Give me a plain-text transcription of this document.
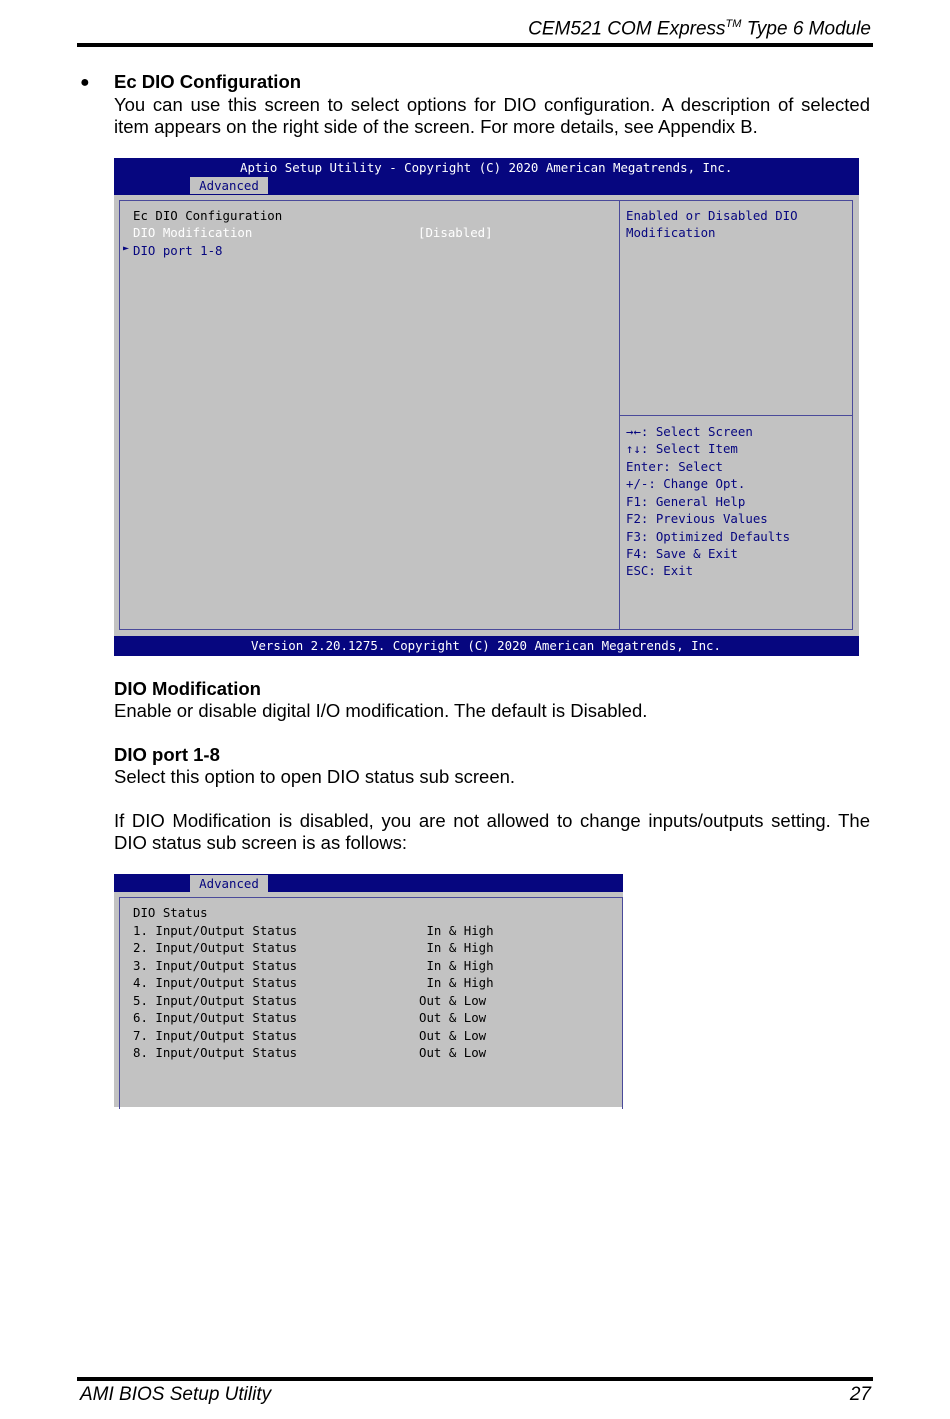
CEM521 COM Express™ Type 6 Module
● Ec DIO Configuration
You can use this screen to select options for DIO configuration. A description of selected item appears on the right side of the screen. For more details, see Appendix B.
Aptio Setup Utility - Copyright (C) 2020 American Megatrends, Inc.
Advanced
Ec DIO Configuration
DIO Modification	[Disabled]
► DIO port 1-8
Enabled or Disabled DIO
Modification
→←: Select Screen
↑↓: Select Item
Enter: Select
+/-: Change Opt.
F1: General Help
F2: Previous Values
F3: Optimized Defaults
F4: Save & Exit
ESC: Exit
Version 2.20.1275. Copyright (C) 2020 American Megatrends, Inc.
DIO Modification
Enable or disable digital I/O modification. The default is Disabled.
DIO port 1-8
Select this option to open DIO status sub screen.
If DIO Modification is disabled, you are not allowed to change inputs/outputs setting. The DIO status sub screen is as follows:
Advanced
DIO Status
1. Input/Output Status	In & High
2. Input/Output Status	In & High
3. Input/Output Status	In & High
4. Input/Output Status	In & High
5. Input/Output Status	Out & Low
6. Input/Output Status	Out & Low
7. Input/Output Status	Out & Low
8. Input/Output Status	Out & Low
AMI BIOS Setup Utility	27
